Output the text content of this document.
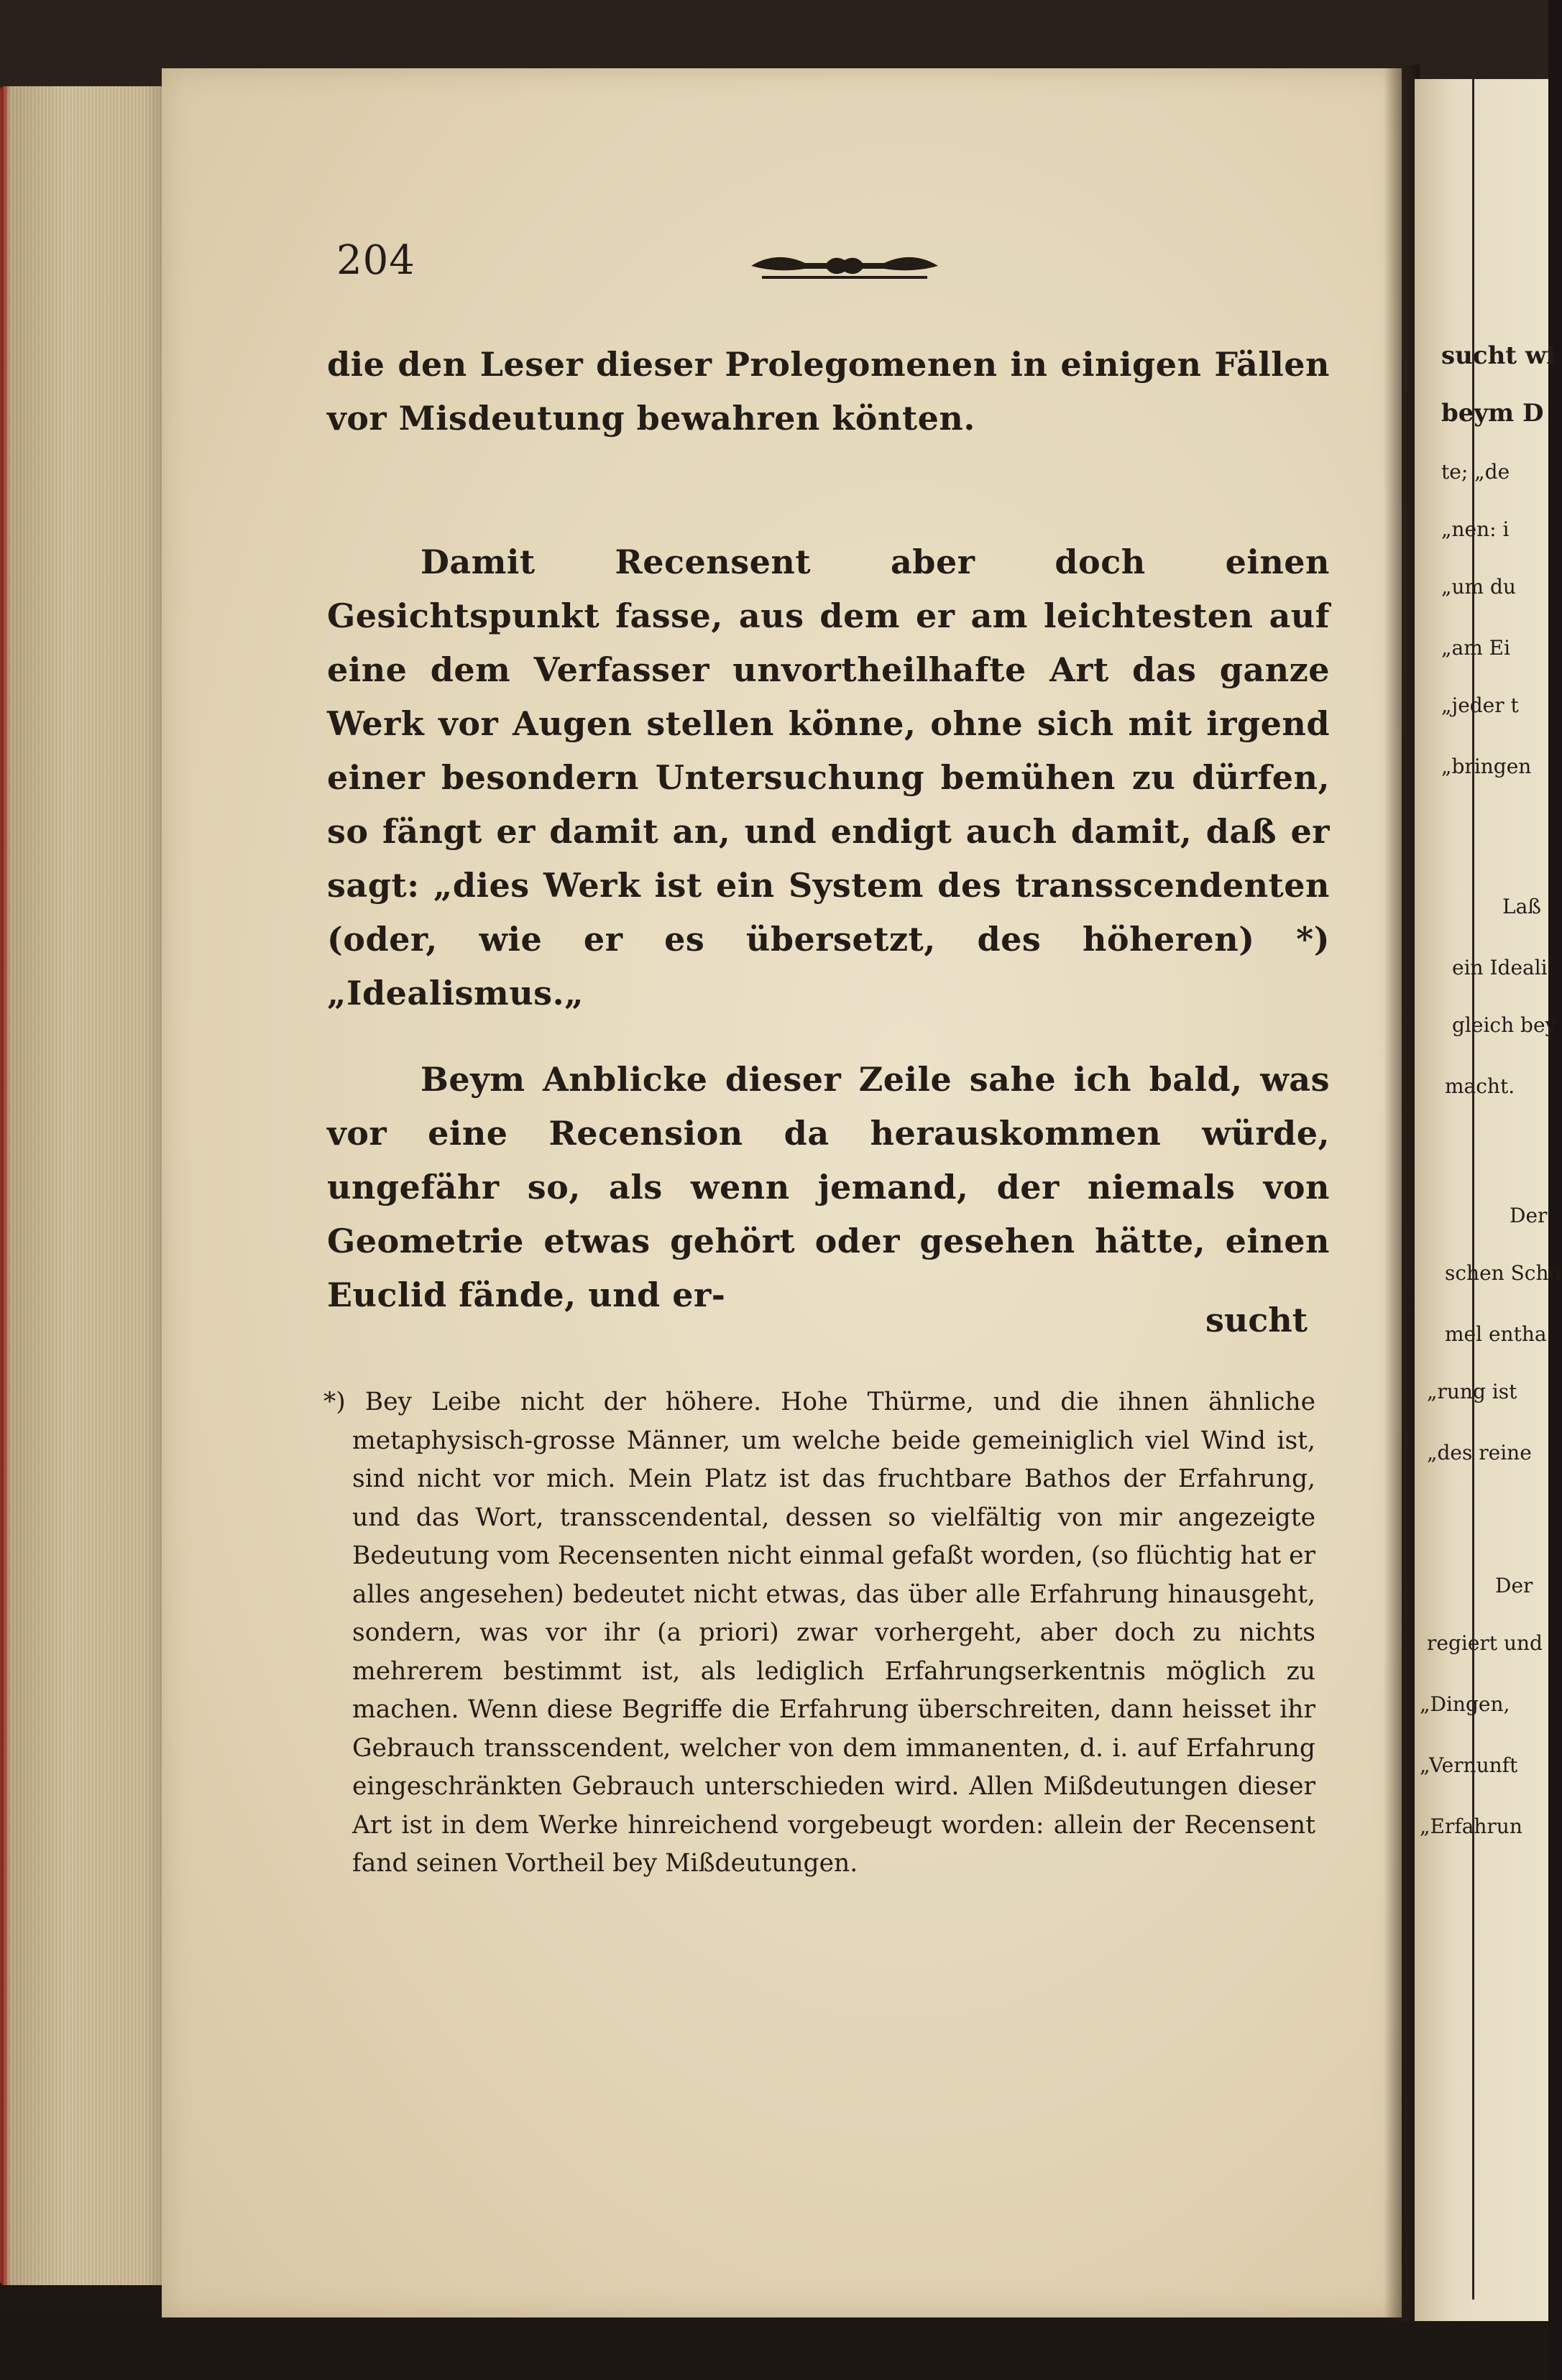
204

die den Leser dieser Prolegomenen in einigen Fällen vor Misdeutung bewahren könten.

Damit Recensent aber doch einen Gesichtspunkt fasse, aus dem er am leichtesten auf eine dem Verfasser unvortheilhafte Art das ganze Werk vor Augen stellen könne, ohne sich mit irgend einer besondern Untersuchung bemühen zu dürfen, so fängt er damit an, und endigt auch damit, daß er sagt: „dies Werk ist ein System des transscendenten (oder, wie er es übersetzt, des höheren) *) „Idealismus.„

Beym Anblicke dieser Zeile sahe ich bald, was vor eine Recension da herauskommen würde, ungefähr so, als wenn jemand, der niemals von Geometrie etwas gehört oder gesehen hätte, einen Euclid fände, und er-

sucht
*) Bey Leibe nicht der höhere. Hohe Thürme, und die ihnen ähnliche metaphysisch-grosse Männer, um welche beide gemeiniglich viel Wind ist, sind nicht vor mich. Mein Platz ist das fruchtbare Bathos der Erfahrung, und das Wort, transscendental, dessen so vielfältig von mir angezeigte Bedeutung vom Recensenten nicht einmal gefaßt worden, (so flüchtig hat er alles angesehen) bedeutet nicht etwas, das über alle Erfahrung hinausgeht, sondern, was vor ihr (a priori) zwar vorhergeht, aber doch zu nichts mehrerem bestimmt ist, als lediglich Erfahrungserkentnis möglich zu machen. Wenn diese Begriffe die Erfahrung überschreiten, dann heisset ihr Gebrauch transscendent, welcher von dem immanenten, d. i. auf Erfahrung eingeschränkten Gebrauch unterschieden wird. Allen Mißdeutungen dieser Art ist in dem Werke hinreichend vorgebeugt worden: allein der Recensent fand seinen Vortheil bey Mißdeutungen.
sucht wi
beym D
te; „de
„nen: i
„um du
„am Ei
„jeder t
„bringen
Laß
ein Ideali
gleich bey
macht.
Der
schen Schu
mel entha
„rung ist
„des reine
Der
regiert und
„Dingen,
„Vernunft
„Erfahrun
